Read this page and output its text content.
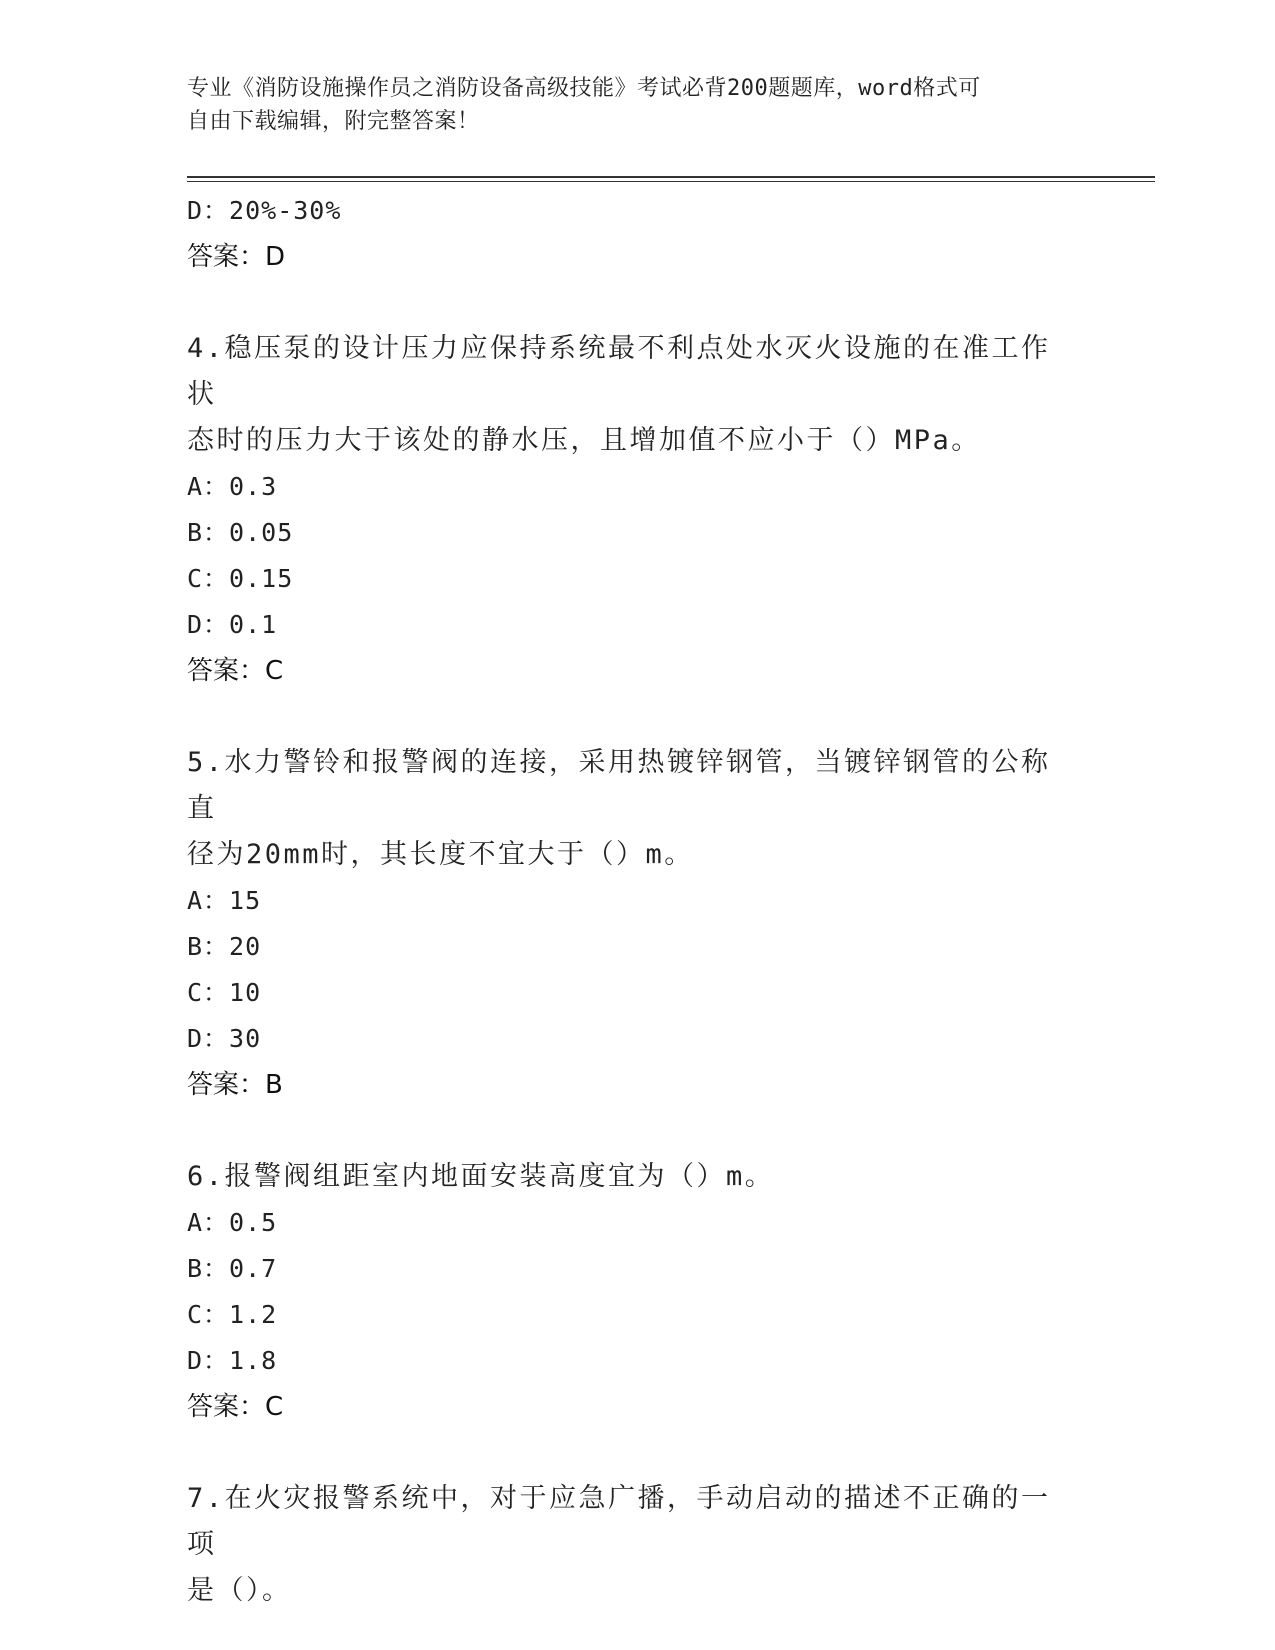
专业《消防设施操作员之消防设备高级技能》考试必背200题题库，word格式可
自由下载编辑，附完整答案！
D：20%-30%
答案：D
4.稳压泵的设计压力应保持系统最不利点处水灭火设施的在准工作状
态时的压力大于该处的静水压，且增加值不应小于（）MPa。
A：0.3
B：0.05
C：0.15
D：0.1
答案：C
5.水力警铃和报警阀的连接，采用热镀锌钢管，当镀锌钢管的公称直
径为20mm时，其长度不宜大于（）m。
A：15
B：20
C：10
D：30
答案：B
6.报警阀组距室内地面安装高度宜为（）m。
A：0.5
B：0.7
C：1.2
D：1.8
答案：C
7.在火灾报警系统中，对于应急广播，手动启动的描述不正确的一项
是（）。
